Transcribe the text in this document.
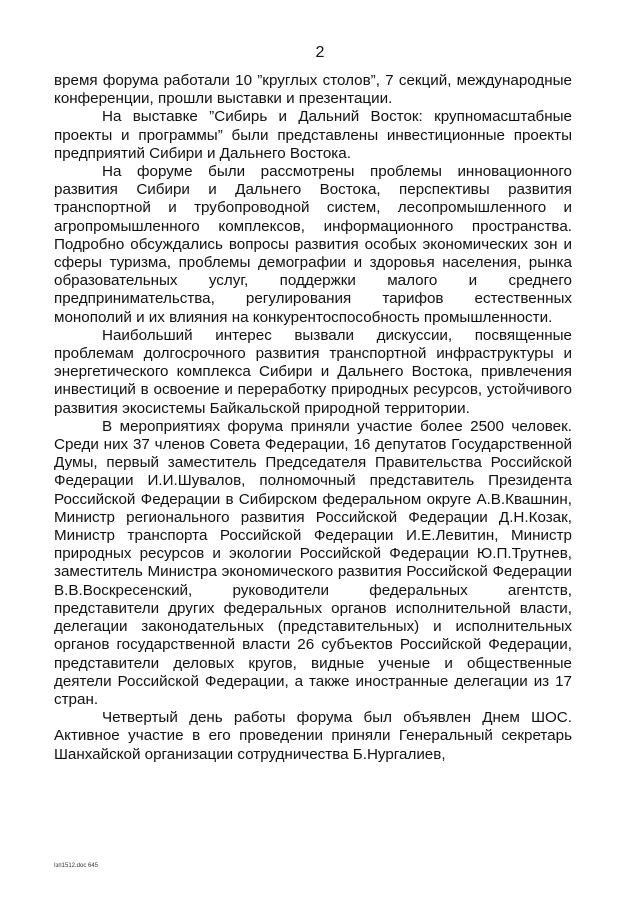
2

время форума работали 10 ”круглых столов”, 7 секций, международные конференции, прошли выставки и презентации.

На выставке ”Сибирь и Дальний Восток: крупномасштабные проекты и программы” были представлены инвестиционные проекты предприятий Сибири и Дальнего Востока.

На форуме были рассмотрены проблемы инновационного развития Сибири и Дальнего Востока, перспективы развития транспортной и трубопроводной систем, лесопромышленного и агропромышленного комплексов, информационного пространства. Подробно обсуждались вопросы развития особых экономических зон и сферы туризма, проблемы демографии и здоровья населения, рынка образовательных услуг, поддержки малого и среднего предпринимательства, регулирования тарифов естественных монополий и их влияния на конкурентоспособность промышленности.

Наибольший интерес вызвали дискуссии, посвященные проблемам долгосрочного развития транспортной инфраструктуры и энергетического комплекса Сибири и Дальнего Востока, привлечения инвестиций в освоение и переработку природных ресурсов, устойчивого развития экосистемы Байкальской природной территории.

В мероприятиях форума приняли участие более 2500 человек. Среди них 37 членов Совета Федерации, 16 депутатов Государственной Думы, первый заместитель Председателя Правительства Российской Федерации И.И.Шувалов, полномочный представитель Президента Российской Федерации в Сибирском федеральном округе А.В.Квашнин, Министр регионального развития Российской Федерации Д.Н.Козак, Министр транспорта Российской Федерации И.Е.Левитин, Министр природных ресурсов и экологии Российской Федерации Ю.П.Трутнев, заместитель Министра экономического развития Российской Федерации В.В.Воскресенский, руководители федеральных агентств, представители других федеральных органов исполнительной власти, делегации законодательных (представительных) и исполнительных органов государственной власти 26 субъектов Российской Федерации, представители деловых кругов, видные ученые и общественные деятели Российской Федерации, а также иностранные делегации из 17 стран.

Четвертый день работы форума был объявлен Днем ШОС. Активное участие в его проведении приняли Генеральный секретарь Шанхайской организации сотрудничества Б.Нургалиев,

Ізп1512.doc 645
